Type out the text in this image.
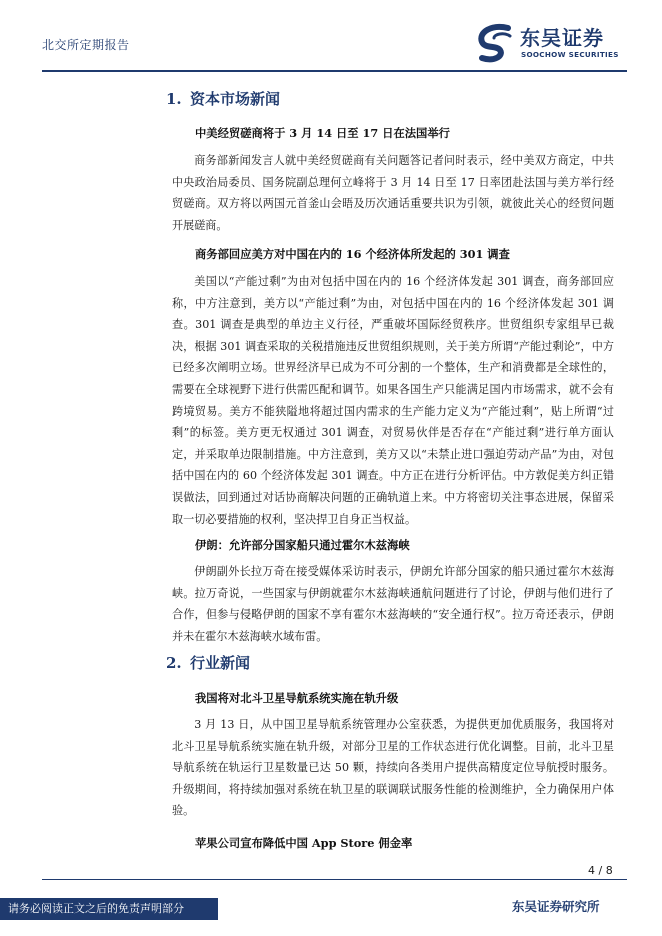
北交所定期报告	东吴证券
SOOCHOW SECURITIES
1. 资本市场新闻
中美经贸磋商将于 3 月 14 日至 17 日在法国举行
商务部新闻发言人就中美经贸磋商有关问题答记者问时表示，经中美双方商定，中共中央政治局委员、国务院副总理何立峰将于 3 月 14 日至 17 日率团赴法国与美方举行经贸磋商。双方将以两国元首釜山会晤及历次通话重要共识为引领，就彼此关心的经贸问题开展磋商。
商务部回应美方对中国在内的 16 个经济体所发起的 301 调查
美国以“产能过剩”为由对包括中国在内的 16 个经济体发起 301 调查，商务部回应称，中方注意到，美方以“产能过剩”为由，对包括中国在内的 16 个经济体发起 301 调查。301 调查是典型的单边主义行径，严重破坏国际经贸秩序。世贸组织专家组早已裁决，根据 301 调查采取的关税措施违反世贸组织规则，关于美方所谓“产能过剩论”，中方已经多次阐明立场。世界经济早已成为不可分割的一个整体，生产和消费都是全球性的，需要在全球视野下进行供需匹配和调节。如果各国生产只能满足国内市场需求，就不会有跨境贸易。美方不能狭隘地将超过国内需求的生产能力定义为“产能过剩”，贴上所谓“过剩”的标签。美方更无权通过 301 调查，对贸易伙伴是否存在“产能过剩”进行单方面认定，并采取单边限制措施。中方注意到，美方又以“未禁止进口强迫劳动产品”为由，对包括中国在内的 60 个经济体发起 301 调查。中方正在进行分析评估。中方敦促美方纠正错误做法，回到通过对话协商解决问题的正确轨道上来。中方将密切关注事态进展，保留采取一切必要措施的权利，坚决捍卫自身正当权益。
伊朗：允许部分国家船只通过霍尔木兹海峡
伊朗副外长拉万奇在接受媒体采访时表示，伊朗允许部分国家的船只通过霍尔木兹海峡。拉万奇说，一些国家与伊朗就霍尔木兹海峡通航问题进行了讨论，伊朗与他们进行了合作，但参与侵略伊朗的国家不享有霍尔木兹海峡的“安全通行权”。拉万奇还表示，伊朗并未在霍尔木兹海峡水域布雷。
2. 行业新闻
我国将对北斗卫星导航系统实施在轨升级
3 月 13 日，从中国卫星导航系统管理办公室获悉，为提供更加优质服务，我国将对北斗卫星导航系统实施在轨升级，对部分卫星的工作状态进行优化调整。目前，北斗卫星导航系统在轨运行卫星数量已达 50 颗，持续向各类用户提供高精度定位导航授时服务。升级期间，将持续加强对系统在轨卫星的联调联试服务性能的检测维护，全力确保用户体验。
苹果公司宣布降低中国 App Store 佣金率
4 / 8
请务必阅读正文之后的免责声明部分	东吴证券研究所
